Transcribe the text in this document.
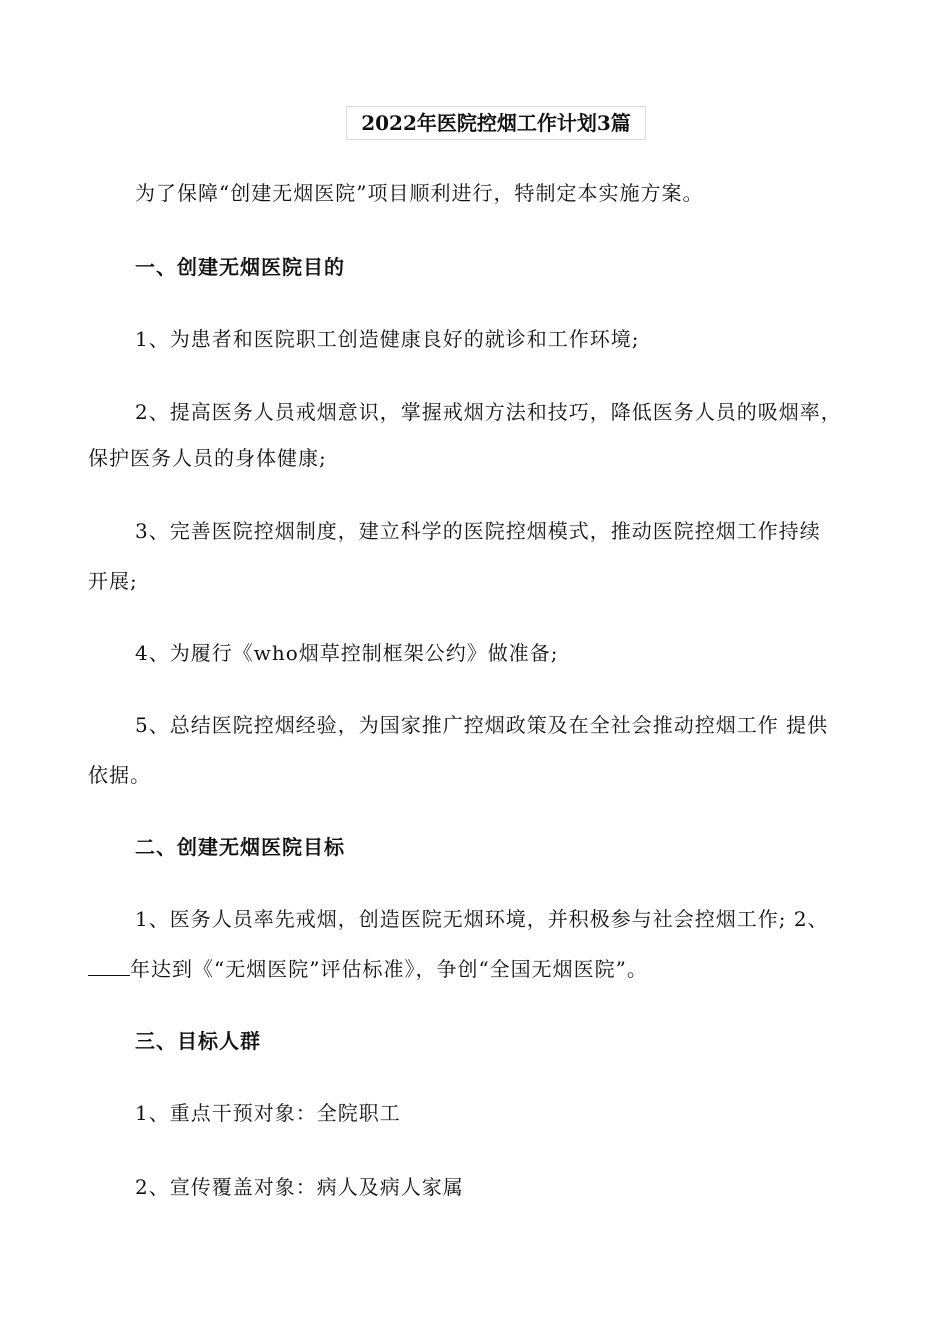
2022年医院控烟工作计划3篇
为了保障“创建无烟医院”项目顺利进行，特制定本实施方案。
一、创建无烟医院目的
1、为患者和医院职工创造健康良好的就诊和工作环境;
2、提高医务人员戒烟意识，掌握戒烟方法和技巧，降低医务人员的吸烟率，
保护医务人员的身体健康;
3、完善医院控烟制度，建立科学的医院控烟模式，推动医院控烟工作持续
开展;
4、为履行《who烟草控制框架公约》做准备;
5、总结医院控烟经验，为国家推广控烟政策及在全社会推动控烟工作 提供
依据。
二、创建无烟医院目标
1、医务人员率先戒烟，创造医院无烟环境，并积极参与社会控烟工作; 2、
年达到《“无烟医院”评估标准》，争创“全国无烟医院”。
三、目标人群
1、重点干预对象：全院职工
2、宣传覆盖对象：病人及病人家属
